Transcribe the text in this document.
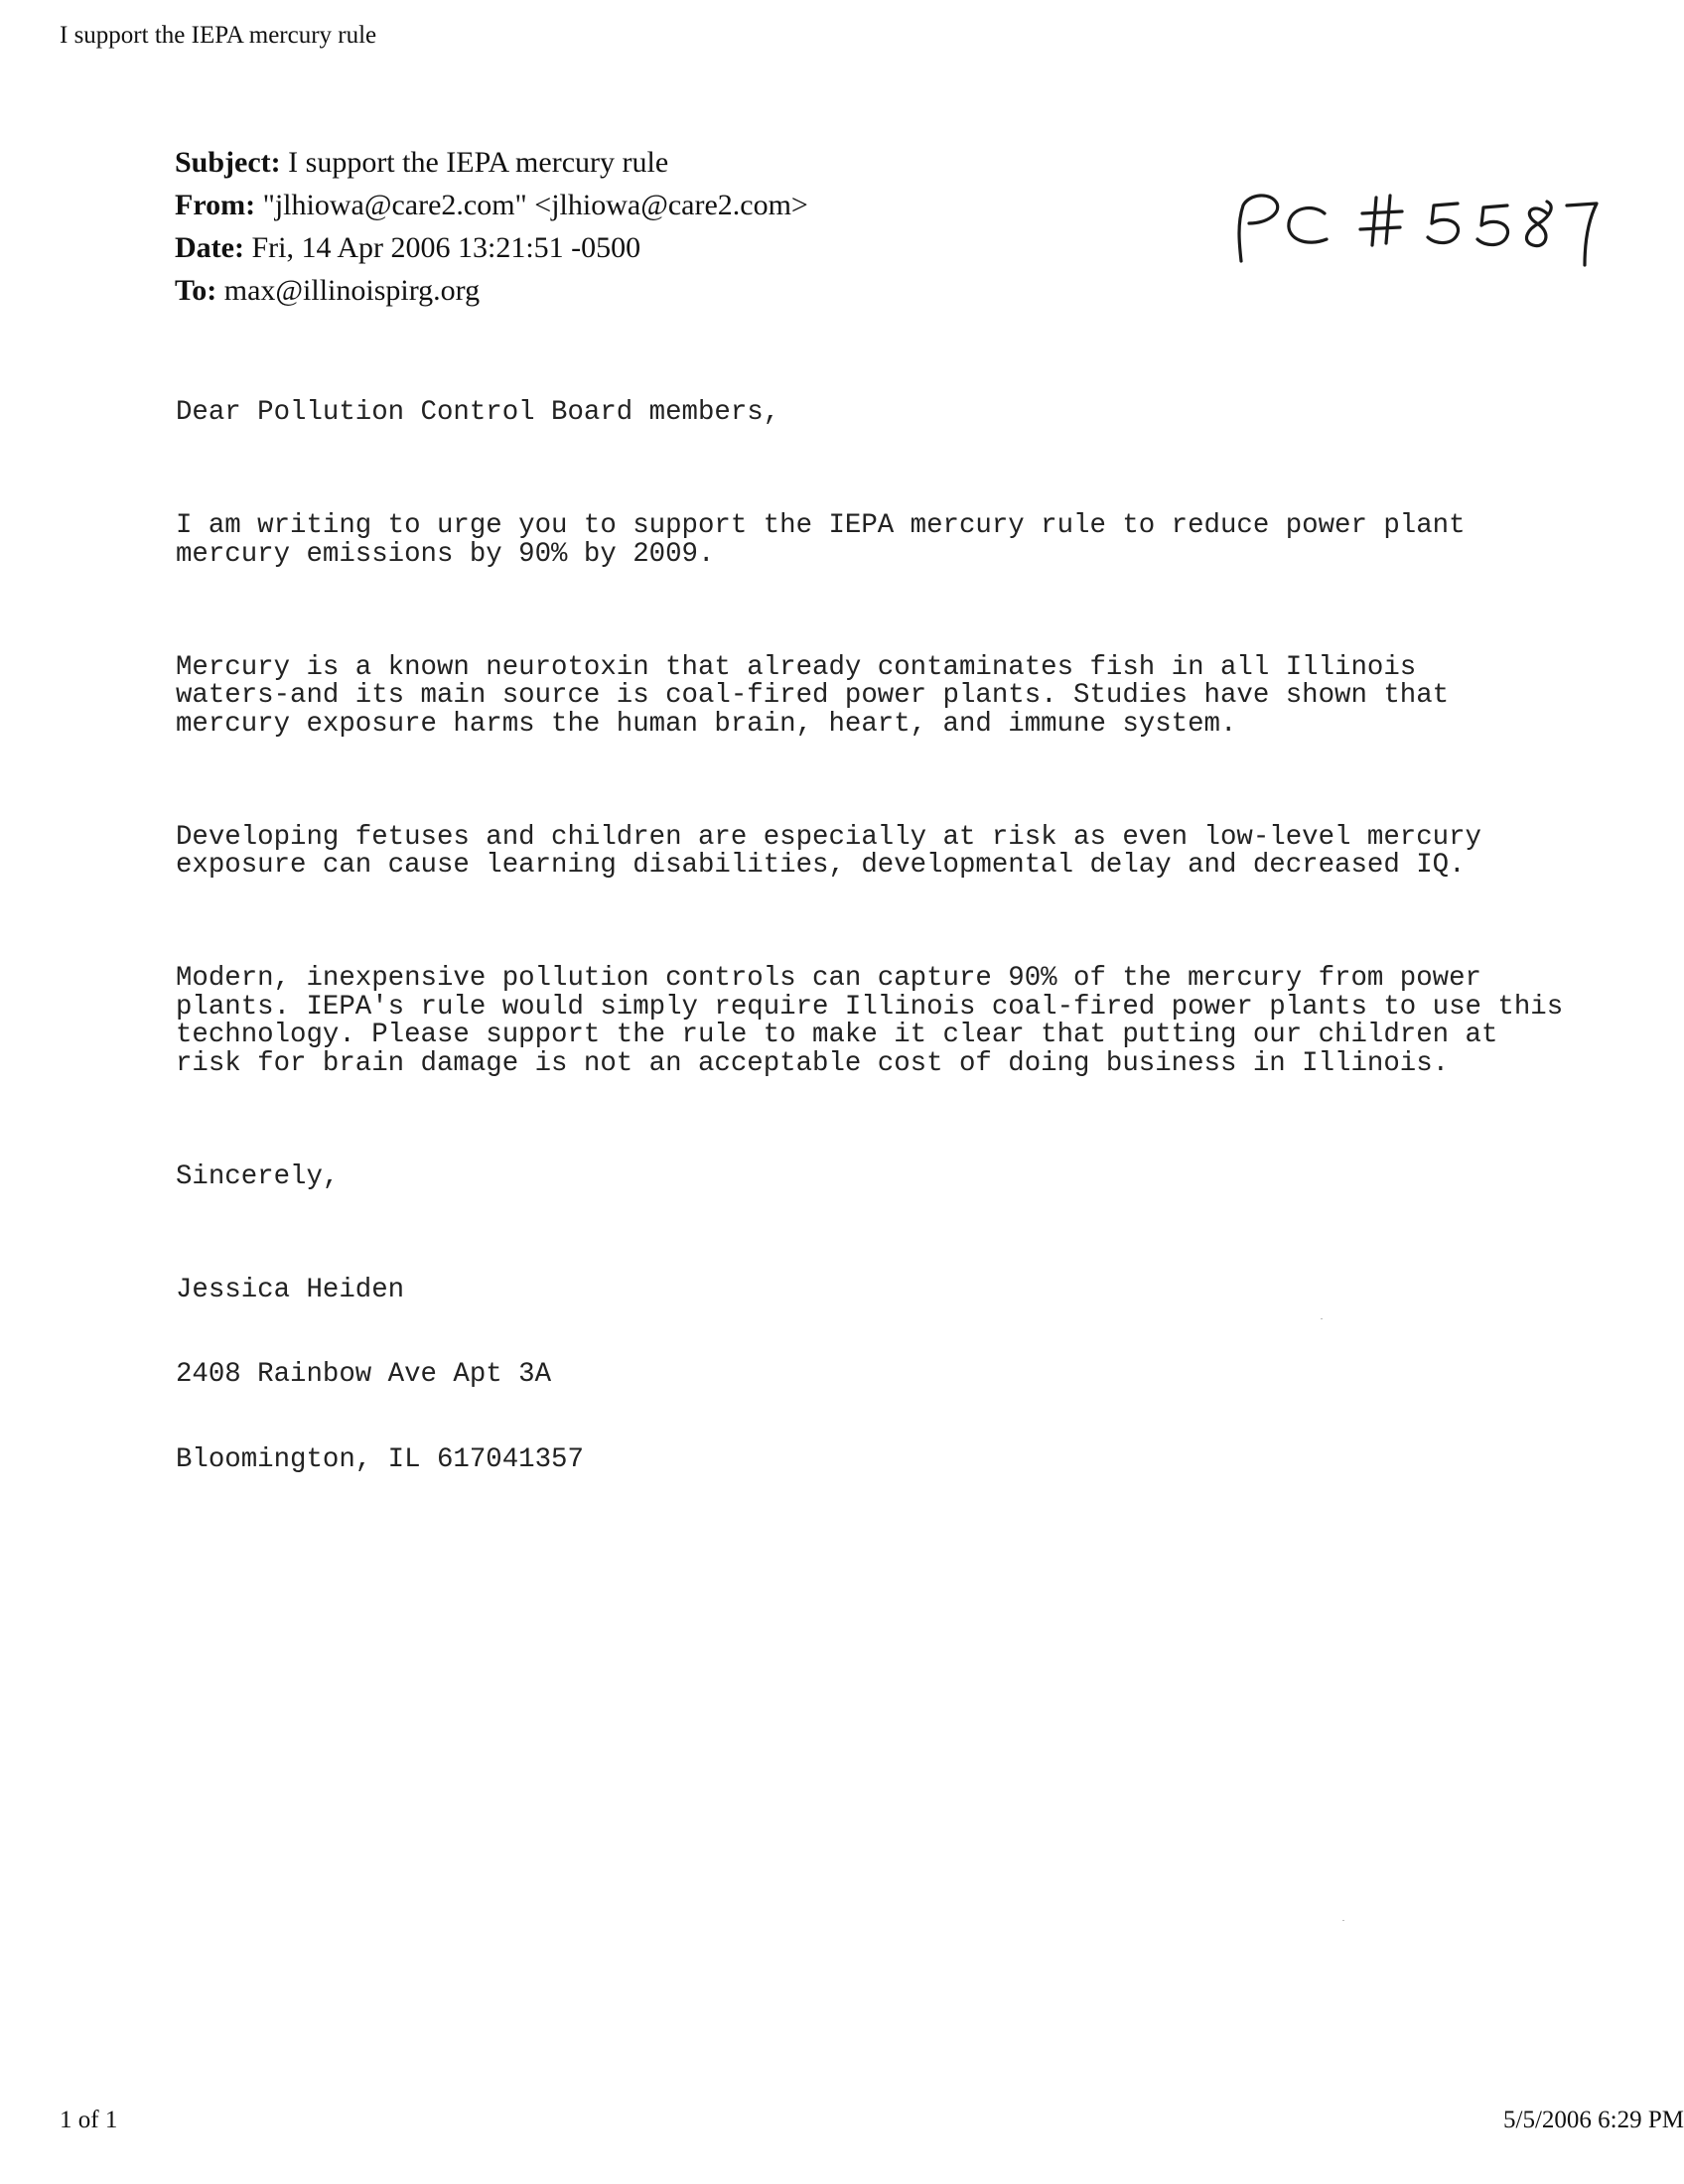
I support the IEPA mercury rule
Subject: I support the IEPA mercury rule
From: "jlhiowa@care2.com" <jlhiowa@care2.com>
Date: Fri, 14 Apr 2006 13:21:51 -0500
To: max@illinoispirg.org

Dear Pollution Control Board members,

I am writing to urge you to support the IEPA mercury rule to reduce power plant
mercury emissions by 90% by 2009.

Mercury is a known neurotoxin that already contaminates fish in all Illinois
waters-and its main source is coal-fired power plants. Studies have shown that
mercury exposure harms the human brain, heart, and immune system.

Developing fetuses and children are especially at risk as even low-level mercury
exposure can cause learning disabilities, developmental delay and decreased IQ.

Modern, inexpensive pollution controls can capture 90% of the mercury from power
plants. IEPA's rule would simply require Illinois coal-fired power plants to use this
technology. Please support the rule to make it clear that putting our children at
risk for brain damage is not an acceptable cost of doing business in Illinois.

Sincerely,

Jessica Heiden

2408 Rainbow Ave Apt 3A

Bloomington, IL 617041357

1 of 1	5/5/2006 6:29 PM
